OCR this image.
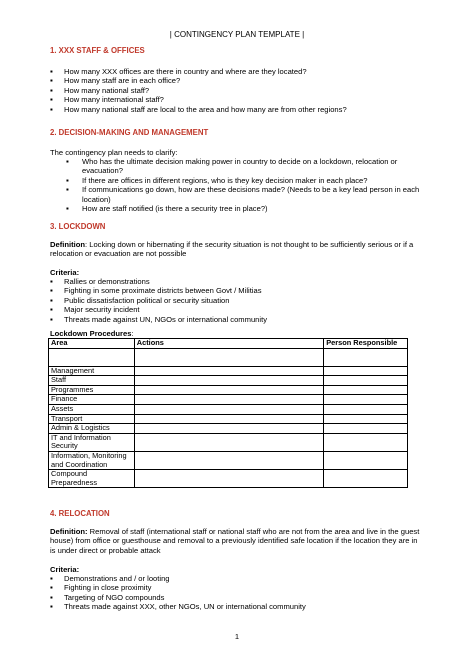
| CONTINGENCY PLAN TEMPLATE |
1. XXX STAFF & OFFICES
▪ How many XXX offices are there in country and where are they located?
▪ How many staff are in each office?
▪ How many national staff?
▪ How many international staff?
▪ How many national staff are local to the area and how many are from other regions?
2. DECISION-MAKING AND MANAGEMENT
The contingency plan needs to clarify:
▪ Who has the ultimate decision making power in country to decide on a lockdown, relocation or evacuation?
▪ If there are offices in different regions, who is they key decision maker in each place?
▪ If communications go down, how are these decisions made? (Needs to be a key lead person in each location)
▪ How are staff notified (is there a security tree in place?)
3. LOCKDOWN
Definition: Locking down or hibernating if the security situation is not thought to be sufficiently serious or if a relocation or evacuation are not possible
Criteria:
▪ Rallies or demonstrations
▪ Fighting in some proximate districts between Govt / Militias
▪ Public dissatisfaction political or security situation
▪ Major security incident
▪ Threats made against UN, NGOs or international community
Lockdown Procedures:
Area	Actions	Person Responsible

Management		
Staff		
Programmes		
Finance		
Assets		
Transport		
Admin & Logistics		
IT and Information Security		
Information, Monitoring and Coordination		
Compound Preparedness		
4. RELOCATION
Definition: Removal of staff (international staff or national staff who are not from the area and live in the guest house) from office or guesthouse and removal to a previously identified safe location if the location they are in is under direct or probable attack
Criteria:
▪ Demonstrations and / or looting
▪ Fighting in close proximity
▪ Targeting of NGO compounds
▪ Threats made against XXX, other NGOs, UN or international community
1
